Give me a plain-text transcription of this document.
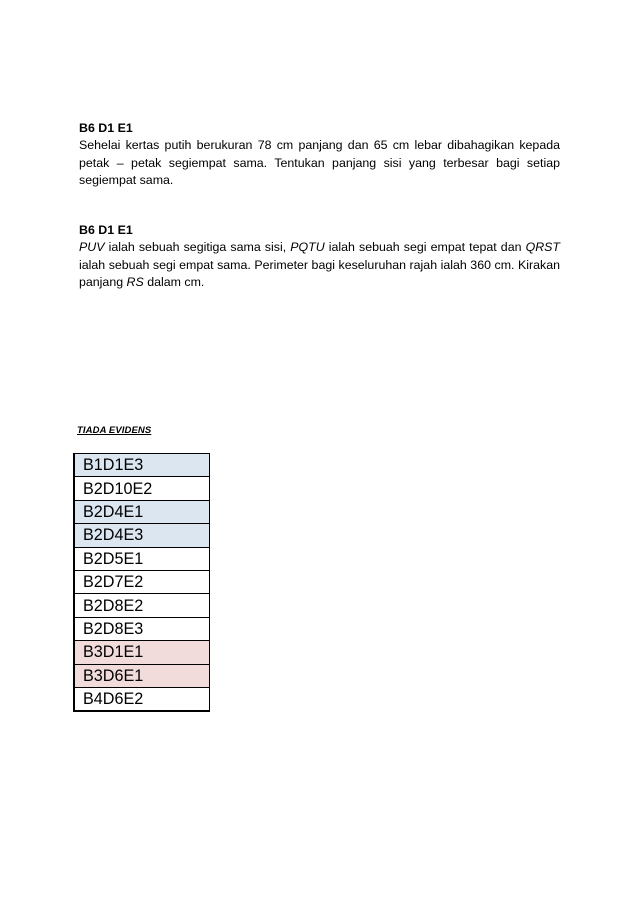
B6 D1 E1

Sehelai kertas putih berukuran 78 cm panjang dan 65 cm lebar dibahagikan kepada petak – petak segiempat sama. Tentukan panjang sisi yang terbesar bagi setiap segiempat sama.

B6 D1 E1

PUV ialah sebuah segitiga sama sisi, PQTU ialah sebuah segi empat tepat dan QRST ialah sebuah segi empat sama. Perimeter bagi keseluruhan rajah ialah 360 cm. Kirakan panjang RS dalam cm.

TIADA EVIDENS
B1D1E3
B2D10E2
B2D4E1
B2D4E3
B2D5E1
B2D7E2
B2D8E2
B2D8E3
B3D1E1
B3D6E1
B4D6E2
